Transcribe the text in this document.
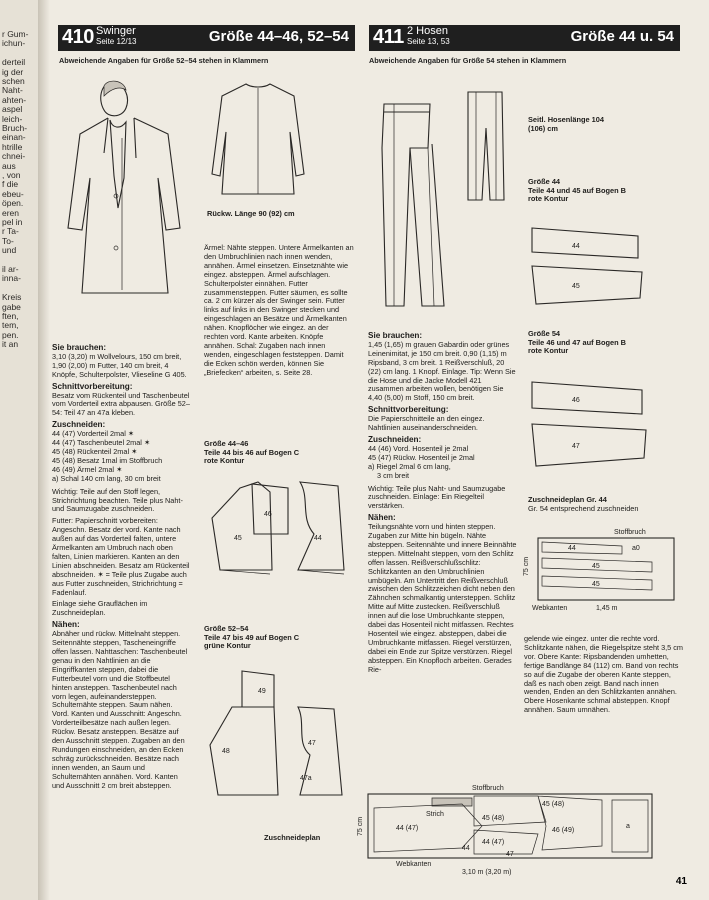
r Gum-
ichun-
derteil
ig der
schen
Naht-
ahten-
aspel
leich-
Bruch-
einan-
htrille
chnei-
aus
, von
f die
ebeu-
öpen.
eren
pel in
r Ta-
To-
und
il ar-
inna-
Kreis
gabe
ften,
tem,
pen.
it an
410 Swinger
Seite 12/13	Größe 44–46, 52–54
Abweichende Angaben für Größe 52–54 stehen in Klammern
411 2 Hosen
Seite 13, 53	Größe 44 u. 54
Abweichende Angaben für Größe 54 stehen in Klammern
Rückw. Länge 90 (92) cm
Sie brauchen:

3,10 (3,20) m Wollvelours, 150 cm breit, 1,90 (2,00) m Futter, 140 cm breit, 4 Knöpfe, Schulterpolster, Vlieseline G 405.

Schnittvorbereitung:

Besatz vom Rückenteil und Taschenbeutel vom Vorderteil extra abpausen. Größe 52–54: Teil 47 an 47a kleben.

Zuschneiden:
44 (47) Vorderteil 2mal ✶
44 (47) Taschenbeutel 2mal ✶
45 (48) Rückenteil 2mal ✶
45 (48) Besatz 1mal im Stoffbruch
46 (49) Ärmel 2mal ✶
a) Schal 140 cm lang, 30 cm breit

Wichtig: Teile auf den Stoff legen, Strichrichtung beachten. Teile plus Naht- und Saumzugabe zuschneiden.

Futter: Papierschnitt vorbereiten: Angeschn. Besatz der vord. Kante nach außen auf das Vorderteil falten, untere Ärmelkanten am Umbruch nach oben falten, Linien markieren. Kanten an den Linien abschneiden. Besatz am Rückenteil abschneiden. ✶ = Teile plus Zugabe auch aus Futter zuschneiden, Strichrichtung = Fadenlauf.

Einlage siehe Grauflächen im Zuschneideplan.

Nähen:

Abnäher und rückw. Mittelnaht steppen. Seitennähte steppen, Tascheneingriffe offen lassen. Nahttaschen: Taschenbeutel genau in den Nahtlinien an die Eingriffkanten steppen, dabei die Futterbeutel vorn und die Stoffbeutel hinten ansteppen. Taschenbeutel nach vorn legen, aufeinandersteppen. Schulternähte steppen. Saum nähen. Vord. Kanten und Ausschnitt: Angeschn. Vorderteilbesätze nach außen legen. Rückw. Besatz ansteppen. Besätze auf den Ausschnitt steppen. Zugaben an den Rundungen einschneiden, an den Ecken schräg zurückschneiden. Besätze nach innen wenden, an Saum und Schulternähten annähen. Vord. Kanten und Ausschnitt 2 cm breit absteppen.

Ärmel: Nähte steppen. Untere Ärmelkanten an den Umbruchlinien nach innen wenden, annähen. Ärmel einsetzen. Einsetznähte wie eingez. absteppen. Ärmel aufschlagen. Schulterpolster einnähen. Futter zusammensteppen. Futter säumen, es sollte ca. 2 cm kürzer als der Swinger sein. Futter links auf links in den Swinger stecken und eingeschlagen an Besätze und Ärmelkanten nähen. Knopflöcher wie eingez. an der rechten vord. Kante arbeiten. Knöpfe annähen. Schal: Zugaben nach innen wenden, eingeschlagen feststeppen. Damit die Ecken schön werden, können Sie „Briefecken“ arbeiten, s. Seite 28.

Größe 44–46
Teile 44 bis 46 auf Bogen C
rote Kontur
45
46
44
Größe 52–54
Teile 47 bis 49 auf Bogen C
grüne Kontur
49
48
47
47a
Zuschneideplan
Seitl. Hosenlänge 104 (106) cm
Größe 44
Teile 44 und 45 auf Bogen B
rote Kontur
44
45
Größe 54
Teile 46 und 47 auf Bogen B
rote Kontur
46
47
Zuschneideplan Gr. 44
Gr. 54 entsprechend zuschneiden
Stoffbruch
44	a0
45
45
Webkanten	1,45 m
75 cm
Sie brauchen:

1,45 (1,65) m grauen Gabardin oder grünes Leinenimitat, je 150 cm breit. 0,90 (1,15) m Ripsband, 3 cm breit. 1 Reißverschluß, 20 (22) cm lang. 1 Knopf. Einlage. Tip: Wenn Sie die Hose und die Jacke Modell 421 zusammen arbeiten wollen, benötigen Sie 4,40 (5,00) m Stoff, 150 cm breit.

Schnittvorbereitung:

Die Papierschnitteile an den eingez. Nahtlinien auseinanderschneiden.

Zuschneiden:
44 (46) Vord. Hosenteil je 2mal
45 (47) Rückw. Hosenteil je 2mal
a) Riegel 2mal 6 cm lang,
3 cm breit

Wichtig: Teile plus Naht- und Saumzugabe zuschneiden. Einlage: Ein Riegelteil verstärken.

Nähen:

Teilungsnähte vorn und hinten steppen. Zugaben zur Mitte hin bügeln. Nähte absteppen. Seitennähte und innere Beinnähte steppen. Mittelnaht steppen, vorn den Schlitz offen lassen. Reißverschlußschlitz: Schlitzkanten an den Umbruchlinien umbügeln. Am Untertritt den Reißverschluß zwischen den Schlitzzeichen dicht neben den Zähnchen schmalkantig untersteppen. Schlitz Mitte auf Mitte zustecken. Reißverschluß innen auf die lose Umbruchkante steppen, dabei das Hosenteil nicht mitfassen. Rechtes Hosenteil wie eingez. absteppen, dabei die Umbruchkante mitfassen. Riegel verstürzen, dabei ein Ende zur Spitze verstürzen. Riegel absteppen. Ein Knopfloch arbeiten. Gerades Rie-

gelende wie eingez. unter die rechte vord. Schlitzkante nähen, die Riegelspitze steht 3,5 cm vor. Obere Kante: Ripsbandenden umhetten, fertige Bandlänge 84 (112) cm. Band von rechts so auf die Zugabe der oberen Kante steppen, daß es nach oben zeigt. Band nach innen wenden, Enden an den Schlitzkanten annähen. Obere Hosenkante schmal absteppen. Knopf annähen. Saum umnähen.

Stoffbruch
Strich
45 (48)
45 (48)
44 (47)
44 (47)
46 (49)
a
44
47
Webkanten
3,10 m (3,20 m)
75 cm
41
